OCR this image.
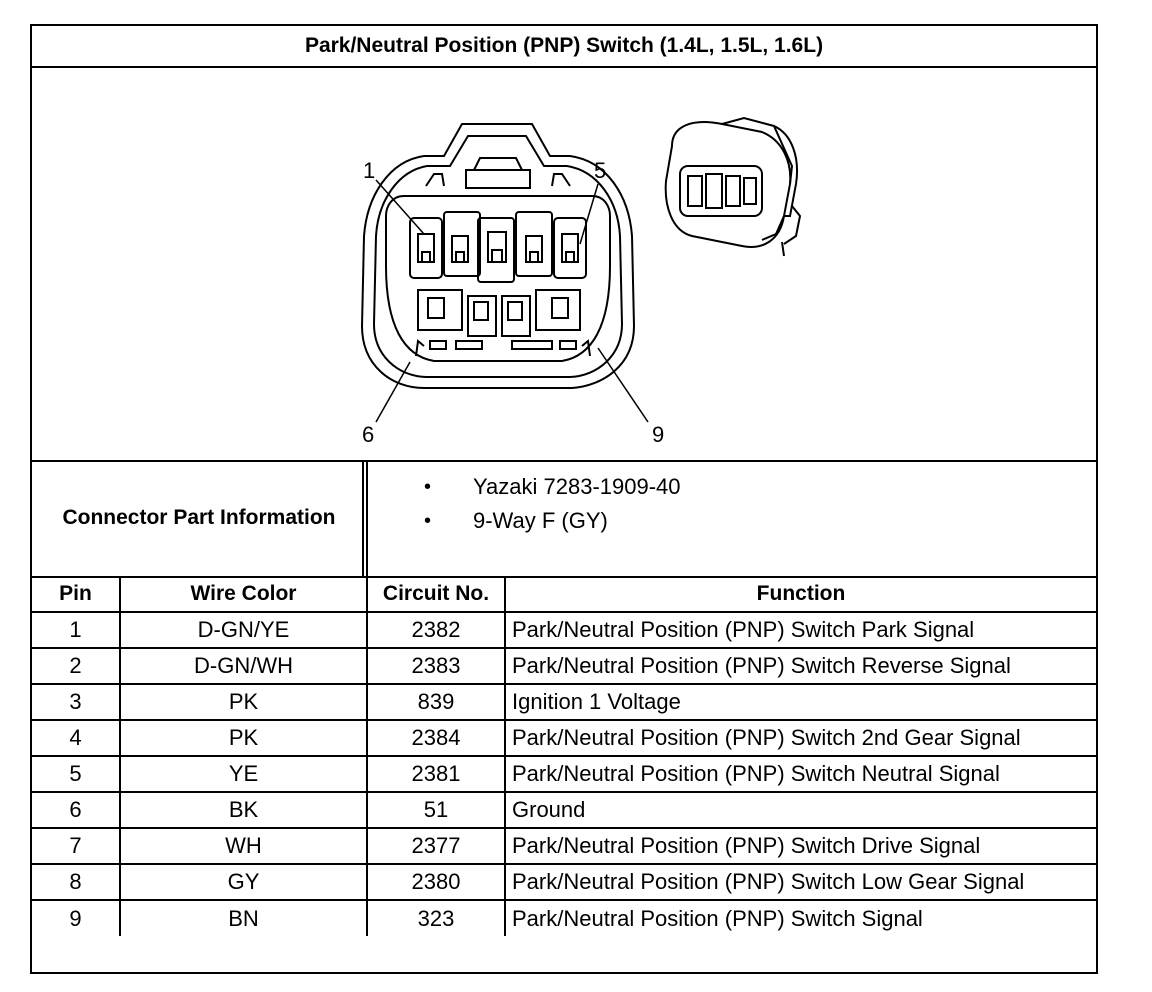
Park/Neutral Position (PNP) Switch (1.4L, 1.5L, 1.6L)
1	5
6	9
Connector Part Information
• Yazaki 7283-1909-40
• 9-Way F (GY)
Pin	Wire Color	Circuit No.	Function
1	D-GN/YE	2382	Park/Neutral Position (PNP) Switch Park Signal
2	D-GN/WH	2383	Park/Neutral Position (PNP) Switch Reverse Signal
3	PK	839	Ignition 1 Voltage
4	PK	2384	Park/Neutral Position (PNP) Switch 2nd Gear Signal
5	YE	2381	Park/Neutral Position (PNP) Switch Neutral Signal
6	BK	51	Ground
7	WH	2377	Park/Neutral Position (PNP) Switch Drive Signal
8	GY	2380	Park/Neutral Position (PNP) Switch Low Gear Signal
9	BN	323	Park/Neutral Position (PNP) Switch Signal
